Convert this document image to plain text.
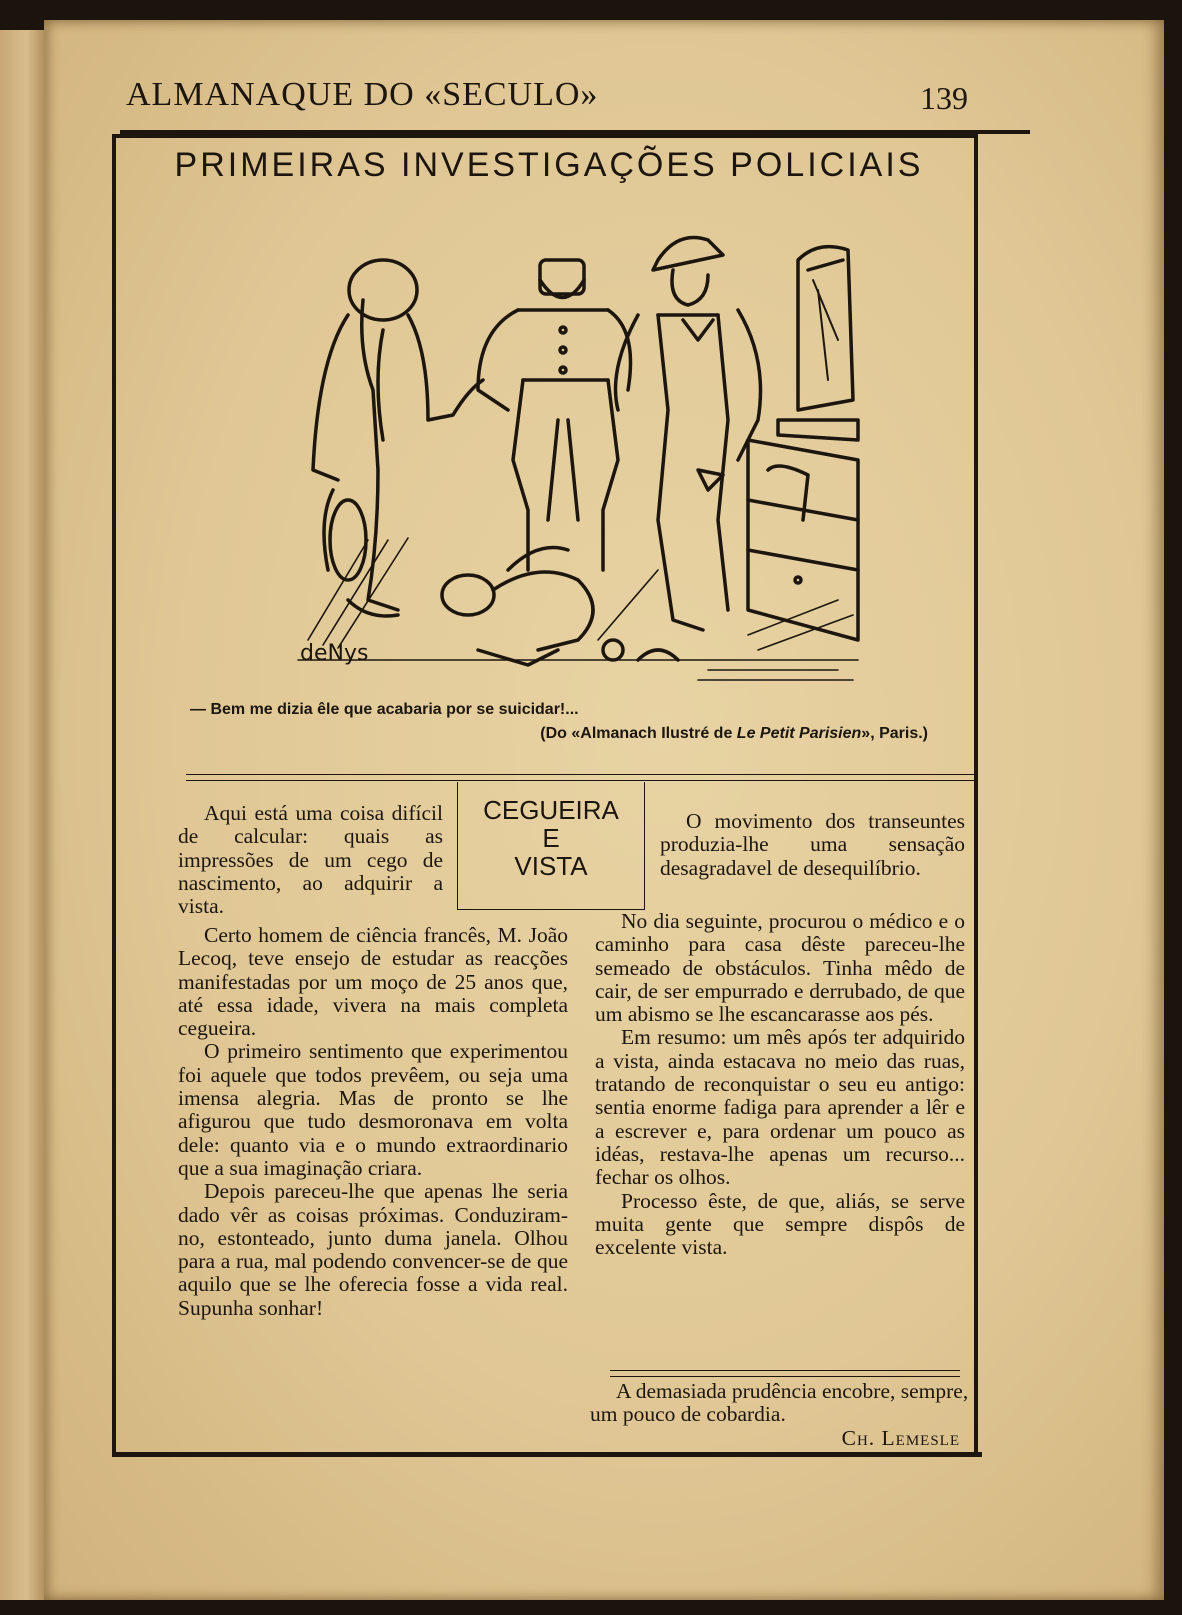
ALMANAQUE DO «SECULO»	139
PRIMEIRAS INVESTIGAÇÕES POLICIAIS
deNys
— Bem me dizia êle que acabaria por se suicidar!...
(Do «Almanach Ilustré de Le Petit Parisien», Paris.)
CEGUEIRA
E
VISTA

Aqui está uma coisa difícil de calcular: quais as impressões de um cego de nascimento, ao adquirir a vista.

Certo homem de ciência francês, M. João Lecoq, teve ensejo de estudar as reacções manifestadas por um moço de 25 anos que, até essa idade, vivera na mais completa cegueira.

O primeiro sentimento que experimentou foi aquele que todos prevêem, ou seja uma imensa alegria. Mas de pronto se lhe afigurou que tudo desmoronava em volta dele: quanto via e o mundo extraordinario que a sua imaginação criara.

Depois pareceu-lhe que apenas lhe seria dado vêr as coisas próximas. Conduziram-no, estonteado, junto duma janela. Olhou para a rua, mal podendo convencer-se de que aquilo que se lhe oferecia fosse a vida real. Supunha sonhar!

O movimento dos transeuntes produzia-lhe uma sensação desagradavel de desequilíbrio.

No dia seguinte, procurou o médico e o caminho para casa dêste pareceu-lhe semeado de obstáculos. Tinha mêdo de cair, de ser empurrado e derrubado, de que um abismo se lhe escancarasse aos pés.

Em resumo: um mês após ter adquirido a vista, ainda estacava no meio das ruas, tratando de reconquistar o seu eu antigo: sentia enorme fadiga para aprender a lêr e a escrever e, para ordenar um pouco as idéas, restava-lhe apenas um recurso... fechar os olhos.

Processo êste, de que, aliás, se serve muita gente que sempre dispôs de excelente vista.

A demasiada prudência encobre, sempre, um pouco de cobardia.
Ch. Lemesle
